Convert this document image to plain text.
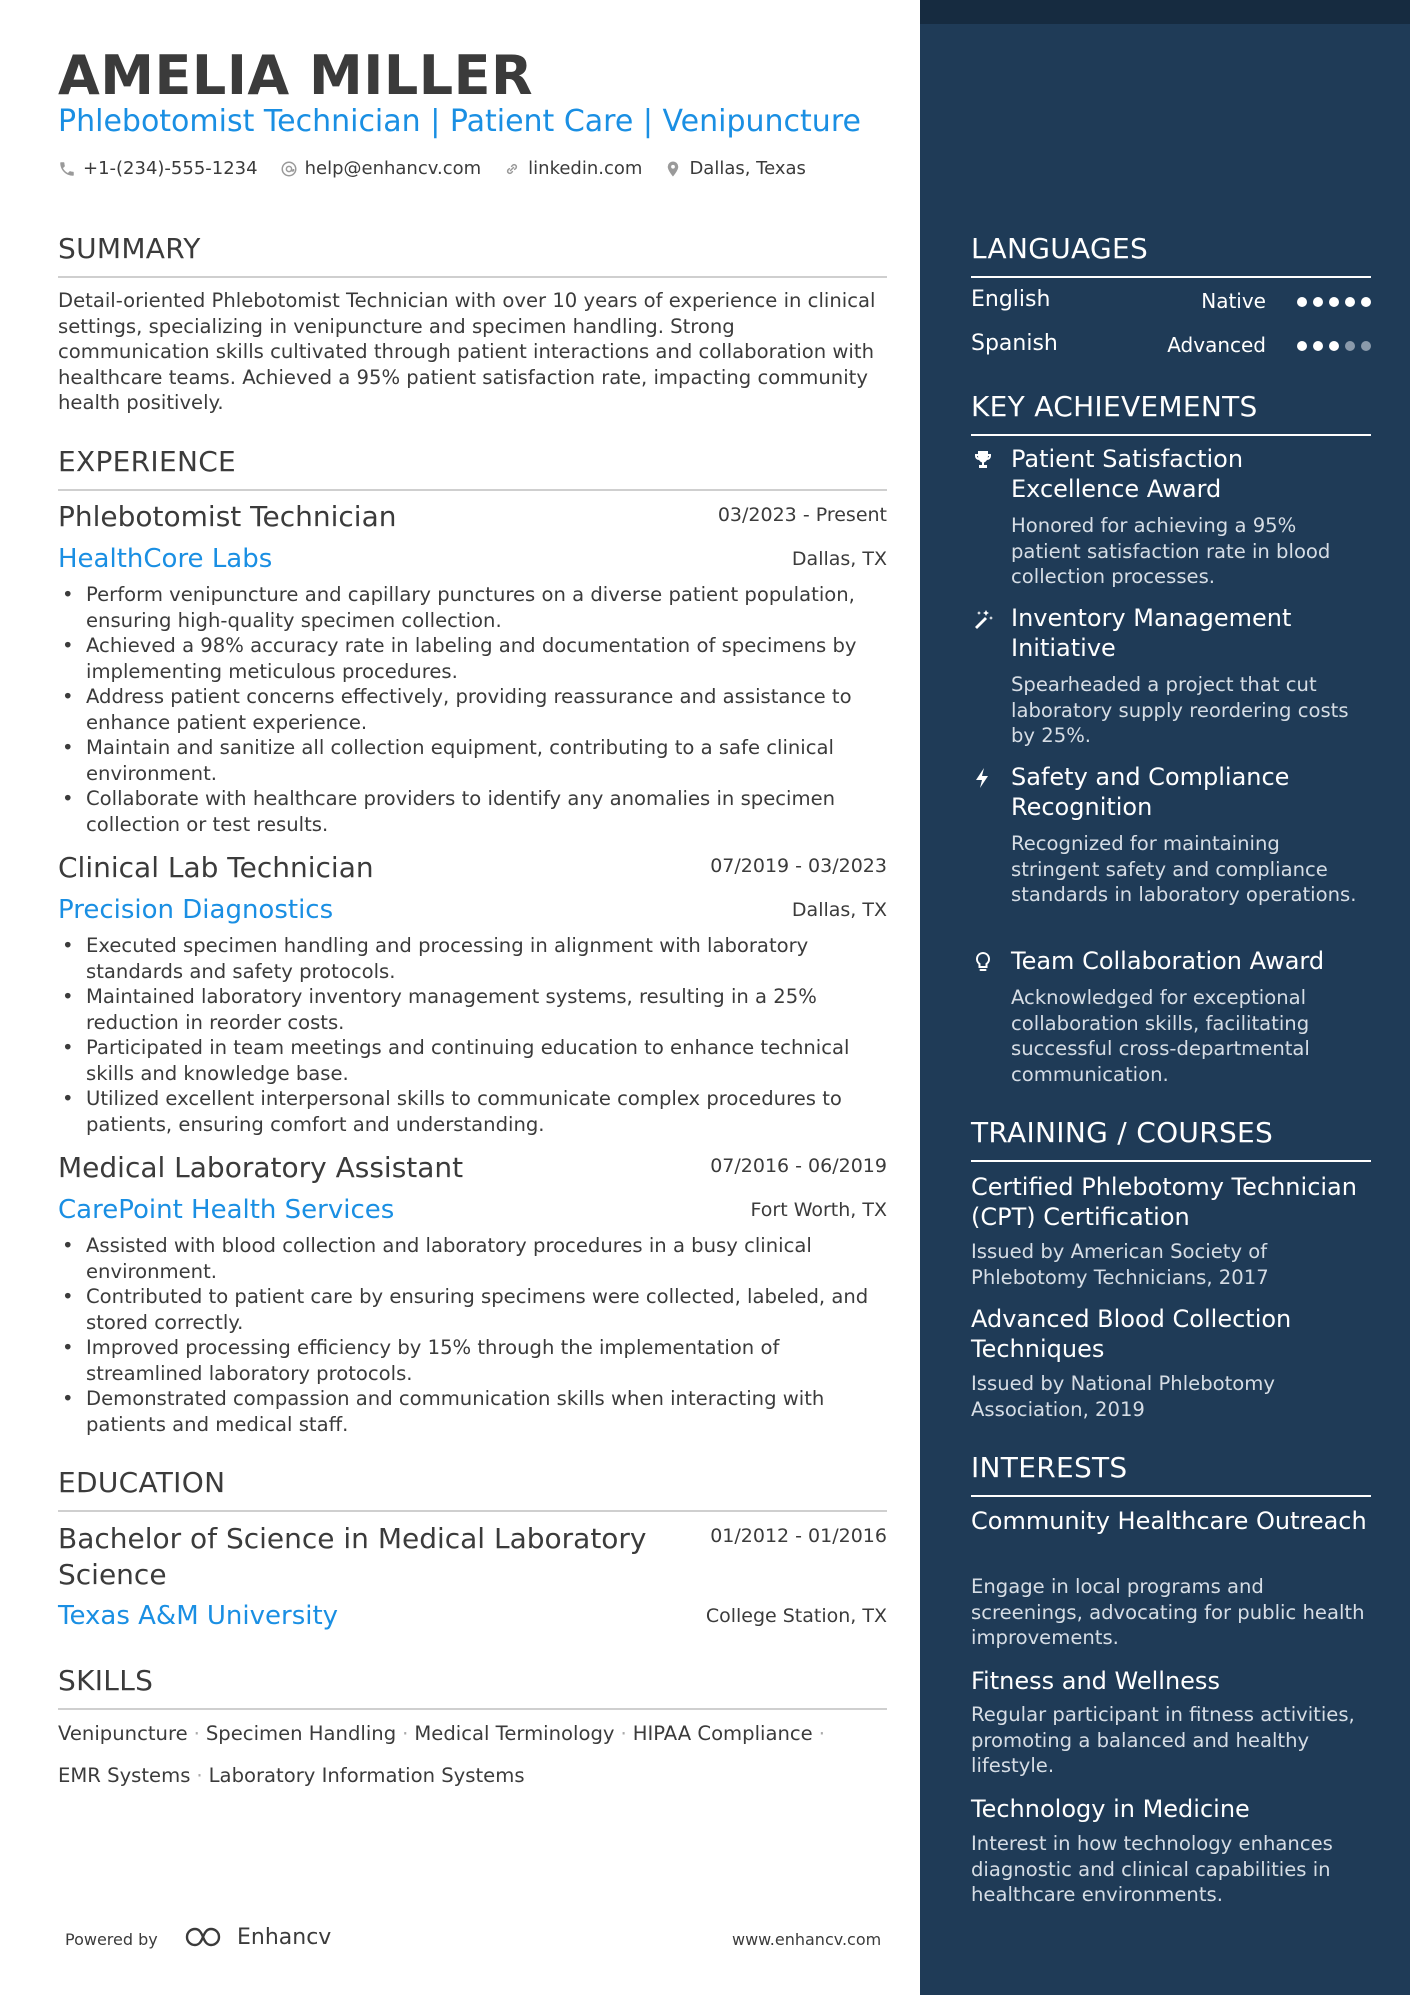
AMELIA MILLER
Phlebotomist Technician | Patient Care | Venipuncture
+1-(234)-555-1234	help@enhancv.com	linkedin.com	Dallas, Texas
SUMMARY

Detail-oriented Phlebotomist Technician with over 10 years of experience in clinical settings, specializing in venipuncture and specimen handling. Strong communication skills cultivated through patient interactions and collaboration with healthcare teams. Achieved a 95% patient satisfaction rate, impacting community health positively.

EXPERIENCE
Phlebotomist Technician	03/2023 - Present
HealthCore Labs	Dallas, TX
• Perform venipuncture and capillary punctures on a diverse patient population, ensuring high-quality specimen collection.
• Achieved a 98% accuracy rate in labeling and documentation of specimens by implementing meticulous procedures.
• Address patient concerns effectively, providing reassurance and assistance to enhance patient experience.
• Maintain and sanitize all collection equipment, contributing to a safe clinical environment.
• Collaborate with healthcare providers to identify any anomalies in specimen collection or test results.
Clinical Lab Technician	07/2019 - 03/2023
Precision Diagnostics	Dallas, TX
• Executed specimen handling and processing in alignment with laboratory standards and safety protocols.
• Maintained laboratory inventory management systems, resulting in a 25% reduction in reorder costs.
• Participated in team meetings and continuing education to enhance technical skills and knowledge base.
• Utilized excellent interpersonal skills to communicate complex procedures to patients, ensuring comfort and understanding.
Medical Laboratory Assistant	07/2016 - 06/2019
CarePoint Health Services	Fort Worth, TX
• Assisted with blood collection and laboratory procedures in a busy clinical environment.
• Contributed to patient care by ensuring specimens were collected, labeled, and stored correctly.
• Improved processing efficiency by 15% through the implementation of streamlined laboratory protocols.
• Demonstrated compassion and communication skills when interacting with patients and medical staff.
EDUCATION
Bachelor of Science in Medical Laboratory Science
01/2012 - 01/2016
Texas A&M University	College Station, TX
SKILLS

Venipuncture · Specimen Handling · Medical Terminology · HIPAA Compliance ·
EMR Systems · Laboratory Information Systems

Powered by	Enhancv	www.enhancv.com
LANGUAGES
English	Native
Spanish	Advanced
KEY ACHIEVEMENTS
Patient Satisfaction Excellence Award
Honored for achieving a 95% patient satisfaction rate in blood collection processes.
Inventory Management Initiative
Spearheaded a project that cut laboratory supply reordering costs by 25%.
Safety and Compliance Recognition
Recognized for maintaining stringent safety and compliance standards in laboratory operations.
Team Collaboration Award
Acknowledged for exceptional collaboration skills, facilitating successful cross-departmental communication.
TRAINING / COURSES
Certified Phlebotomy Technician (CPT) Certification
Issued by American Society of Phlebotomy Technicians, 2017
Advanced Blood Collection Techniques
Issued by National Phlebotomy Association, 2019
INTERESTS
Community Healthcare Outreach
Engage in local programs and screenings, advocating for public health improvements.
Fitness and Wellness
Regular participant in fitness activities, promoting a balanced and healthy lifestyle.
Technology in Medicine
Interest in how technology enhances diagnostic and clinical capabilities in healthcare environments.
